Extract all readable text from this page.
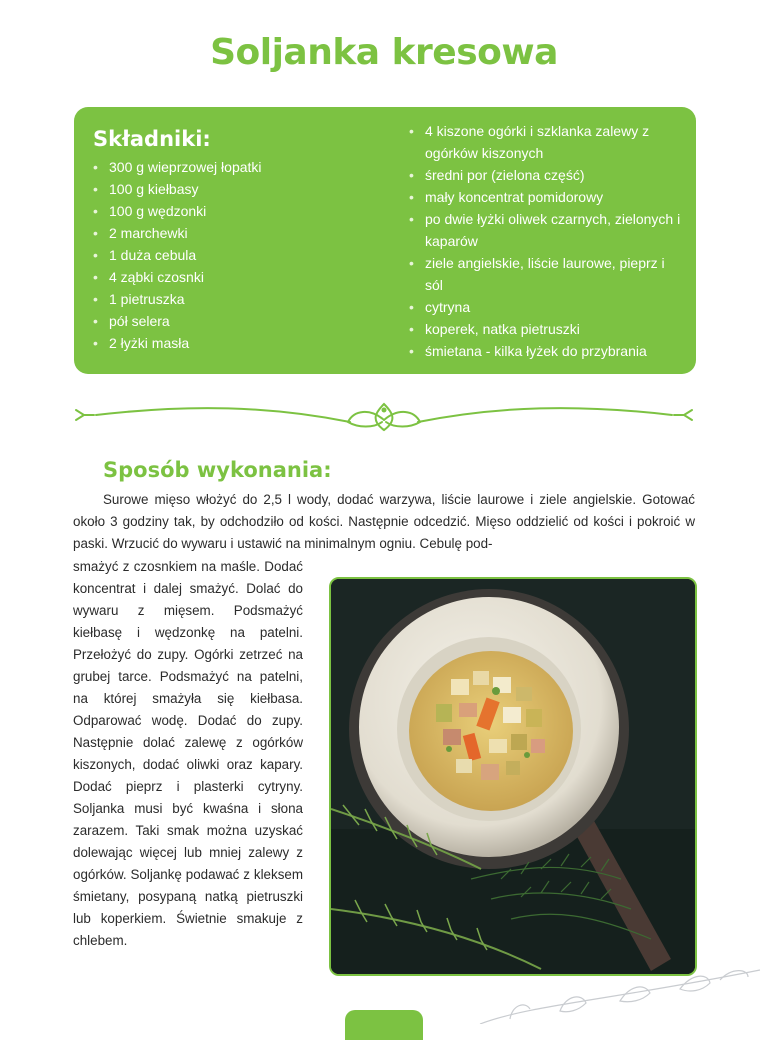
Soljanka kresowa
Składniki:
• 300 g wieprzowej łopatki
• 100 g kiełbasy
• 100 g wędzonki
• 2 marchewki
• 1 duża cebula
• 4 ząbki czosnki
• 1 pietruszka
• pół selera
• 2 łyżki masła
• 4 kiszone ogórki i szklanka zalewy z ogórków kiszonych
• średni por (zielona część)
• mały koncentrat pomidorowy
• po dwie łyżki oliwek czarnych, zielonych i kaparów
• ziele angielskie, liście laurowe, pieprz i sól
• cytryna
• koperek, natka pietruszki
• śmietana - kilka łyżek do przybrania
Sposób wykonania:

Surowe mięso włożyć do 2,5 l wody, dodać warzywa, liście laurowe i ziele angielskie. Gotować około 3 godziny tak, by odchodziło od kości. Następnie odcedzić. Mięso oddzielić od kości i pokroić w paski. Wrzucić do wywaru i ustawić na minimalnym ogniu. Cebulę pod-

smażyć z czosnkiem na maśle. Dodać koncentrat i dalej smażyć. Dolać do wywaru z mięsem. Podsmażyć kiełbasę i wędzonkę na patelni. Przełożyć do zupy. Ogórki zetrzeć na grubej tarce. Podsmażyć na patelni, na której smażyła się kiełbasa. Odparować wodę. Dodać do zupy. Następnie dolać zalewę z ogórków kiszonych, dodać oliwki oraz kapary. Dodać pieprz i plasterki cytryny. Soljanka musi być kwaśna i słona zarazem. Taki smak można uzyskać dolewając więcej lub mniej zalewy z ogórków. Soljankę podawać z kleksem śmietany, posypaną natką pietruszki lub koperkiem. Świetnie smakuje z chlebem.
